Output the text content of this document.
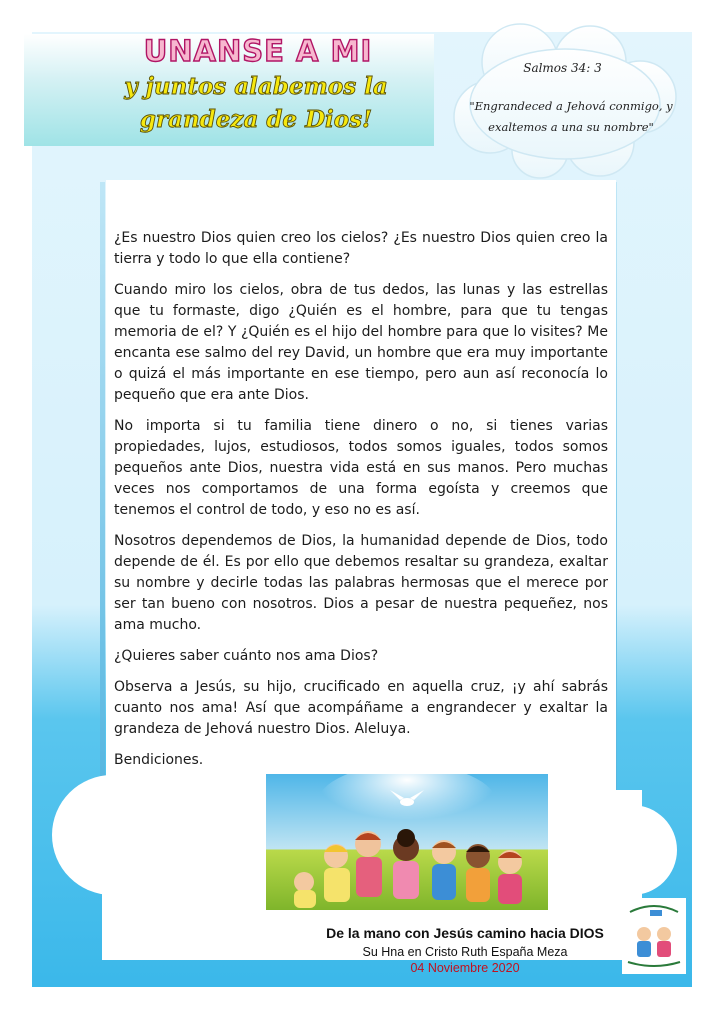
UNANSE A MI
y juntos alabemos la
grandeza de Dios!
Salmos 34: 3
"Engrandeced a Jehová conmigo, y exaltemos a una su nombre"

¿Es nuestro Dios quien creo los cielos? ¿Es nuestro Dios quien creo la tierra y todo lo que ella contiene?

Cuando miro los cielos, obra de tus dedos, las lunas y las estrellas que tu formaste, digo ¿Quién es el hombre, para que tu tengas memoria de el? Y ¿Quién es el hijo del hombre para que lo visites? Me encanta ese salmo del rey David, un hombre que era muy importante o quizá el más importante en ese tiempo, pero aun así reconocía lo pequeño que era ante Dios.

No importa si tu familia tiene dinero o no, si tienes varias propiedades, lujos, estudiosos, todos somos iguales, todos somos pequeños ante Dios, nuestra vida está en sus manos. Pero muchas veces nos comportamos de una forma egoísta y creemos que tenemos el control de todo, y eso no es así.

Nosotros dependemos de Dios, la humanidad depende de Dios, todo depende de él. Es por ello que debemos resaltar su grandeza, exaltar su nombre y decirle todas las palabras hermosas que el merece por ser tan bueno con nosotros. Dios a pesar de nuestra pequeñez, nos ama mucho.

¿Quieres saber cuánto nos ama Dios?

Observa a Jesús, su hijo, crucificado en aquella cruz, ¡y ahí sabrás cuanto nos ama! Así que acompáñame a engrandecer y exaltar la grandeza de Jehová nuestro Dios. Aleluya.

Bendiciones.

De la mano con Jesús camino hacia DIOS
Su Hna en Cristo Ruth España Meza
04 Noviembre 2020
